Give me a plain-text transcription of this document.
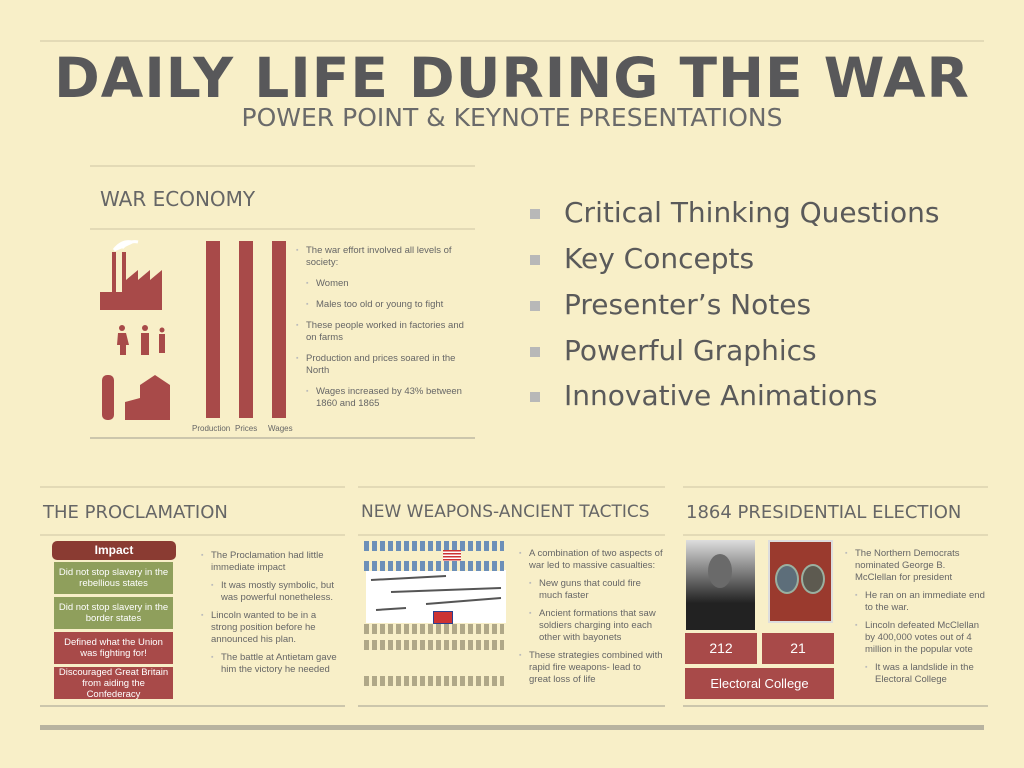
DAILY LIFE DURING THE WAR
POWER POINT & KEYNOTE PRESENTATIONS
WAR ECONOMY
Production Prices Wages
▪ The war effort involved all levels of society:
▪ Women
▪ Males too old or young to fight
▪ These people worked in factories and on farms
▪ Production and prices soared in the North
▪ Wages increased by 43% between 1860 and 1865
Critical Thinking Questions
Key Concepts
Presenter’s Notes
Powerful Graphics
Innovative Animations
THE PROCLAMATION
Impact
Did not stop slavery in the rebellious states
Did not stop slavery in the border states
Defined what the Union was fighting for!
Discouraged Great Britain from aiding the Confederacy
▪ The Proclamation had little immediate impact
▪ It was mostly symbolic, but was powerful nonetheless.
▪ Lincoln wanted to be in a strong position before he announced his plan.
▪ The battle at Antietam gave him the victory he needed
NEW WEAPONS-ANCIENT TACTICS
▪ A combination of two aspects of war led to massive casualties:
▪ New guns that could fire much faster
▪ Ancient formations that saw soldiers charging into each other with bayonets
▪ These strategies combined with rapid fire weapons- lead to great loss of life
1864 PRESIDENTIAL ELECTION
212	21
Electoral College
▪ The Northern Democrats nominated George B. McClellan for president
▪ He ran on an immediate end to the war.
▪ Lincoln defeated McClellan by 400,000 votes out of 4 million in the popular vote
▪ It was a landslide in the Electoral College
